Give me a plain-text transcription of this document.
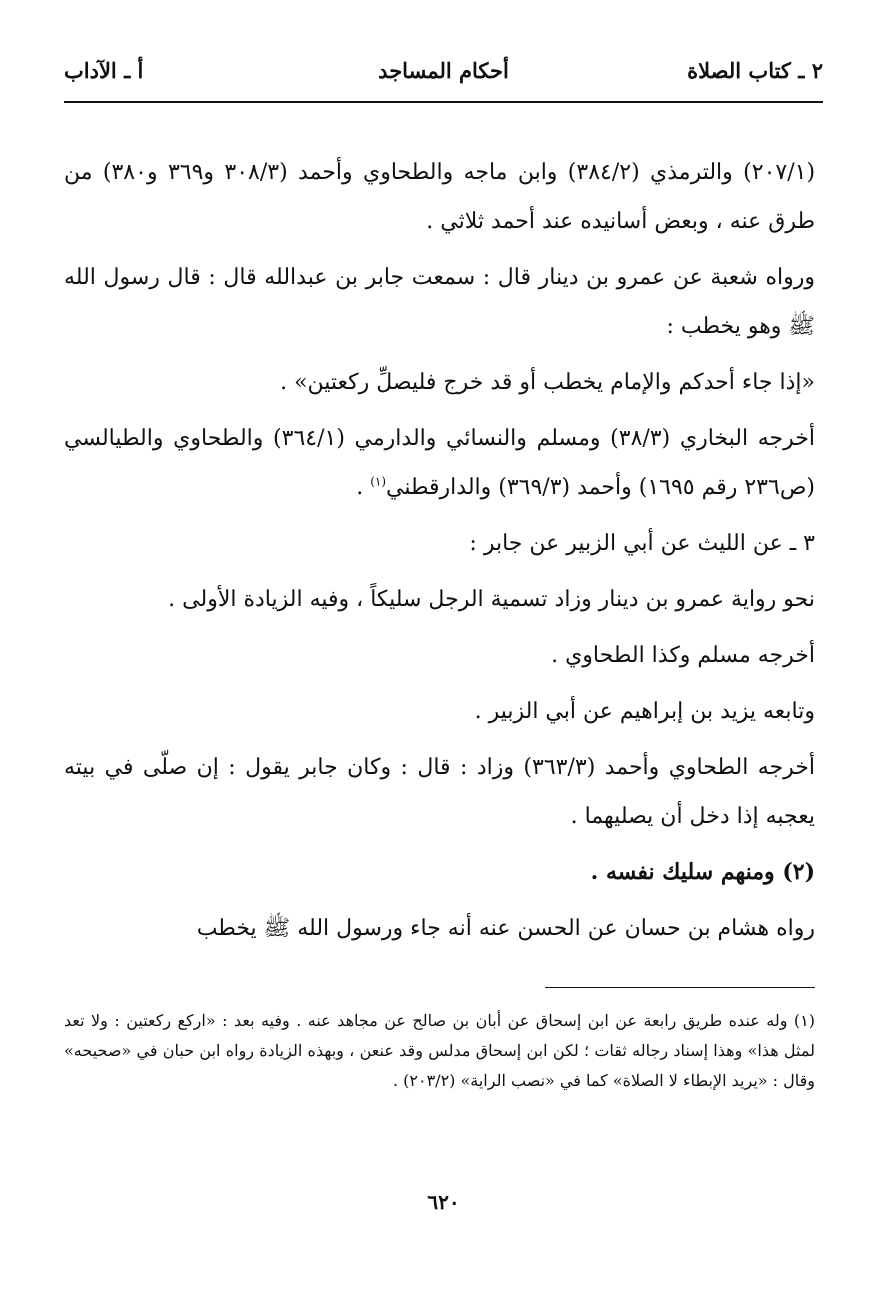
٢ ـ كتاب الصلاة
أحكام المساجد
أ ـ الآداب

(٢٠٧/١) والترمذي (٣٨٤/٢) وابن ماجه والطحاوي وأحمد (٣٠٨/٣ و٣٦٩ و٣٨٠) من طرق عنه ، وبعض أسانيده عند أحمد ثلاثي .

ورواه شعبة عن عمرو بن دينار قال : سمعت جابر بن عبدالله قال : قال رسول الله ﷺ وهو يخطب :

«إذا جاء أحدكم والإمام يخطب أو قد خرج فليصلِّ ركعتين» .

أخرجه البخاري (٣٨/٣) ومسلم والنسائي والدارمي (٣٦٤/١) والطحاوي والطيالسي (ص٢٣٦ رقم ١٦٩٥) وأحمد (٣٦٩/٣) والدارقطني$^{(١)}$ .

٣ ـ عن الليث عن أبي الزبير عن جابر :

نحو رواية عمرو بن دينار وزاد تسمية الرجل سليكاً ، وفيه الزيادة الأولى .

أخرجه مسلم وكذا الطحاوي .

وتابعه يزيد بن إبراهيم عن أبي الزبير .

أخرجه الطحاوي وأحمد (٣٦٣/٣) وزاد : قال : وكان جابر يقول : إن صلّى في بيته يعجبه إذا دخل أن يصليهما .

(٢) ومنهم سليك نفسه .

رواه هشام بن حسان عن الحسن عنه أنه جاء ورسول الله ﷺ يخطب

(١) وله عنده طريق رابعة عن ابن إسحاق عن أبان بن صالح عن مجاهد عنه . وفيه بعد : «اركع ركعتين : ولا تعد لمثل هذا» وهذا إسناد رجاله ثقات ؛ لكن ابن إسحاق مدلس وقد عنعن ، وبهذه الزيادة رواه ابن حبان في «صحيحه» وقال : «يريد الإبطاء لا الصلاة» كما في «نصب الراية» (٢٠٣/٢) .

٦٢٠
